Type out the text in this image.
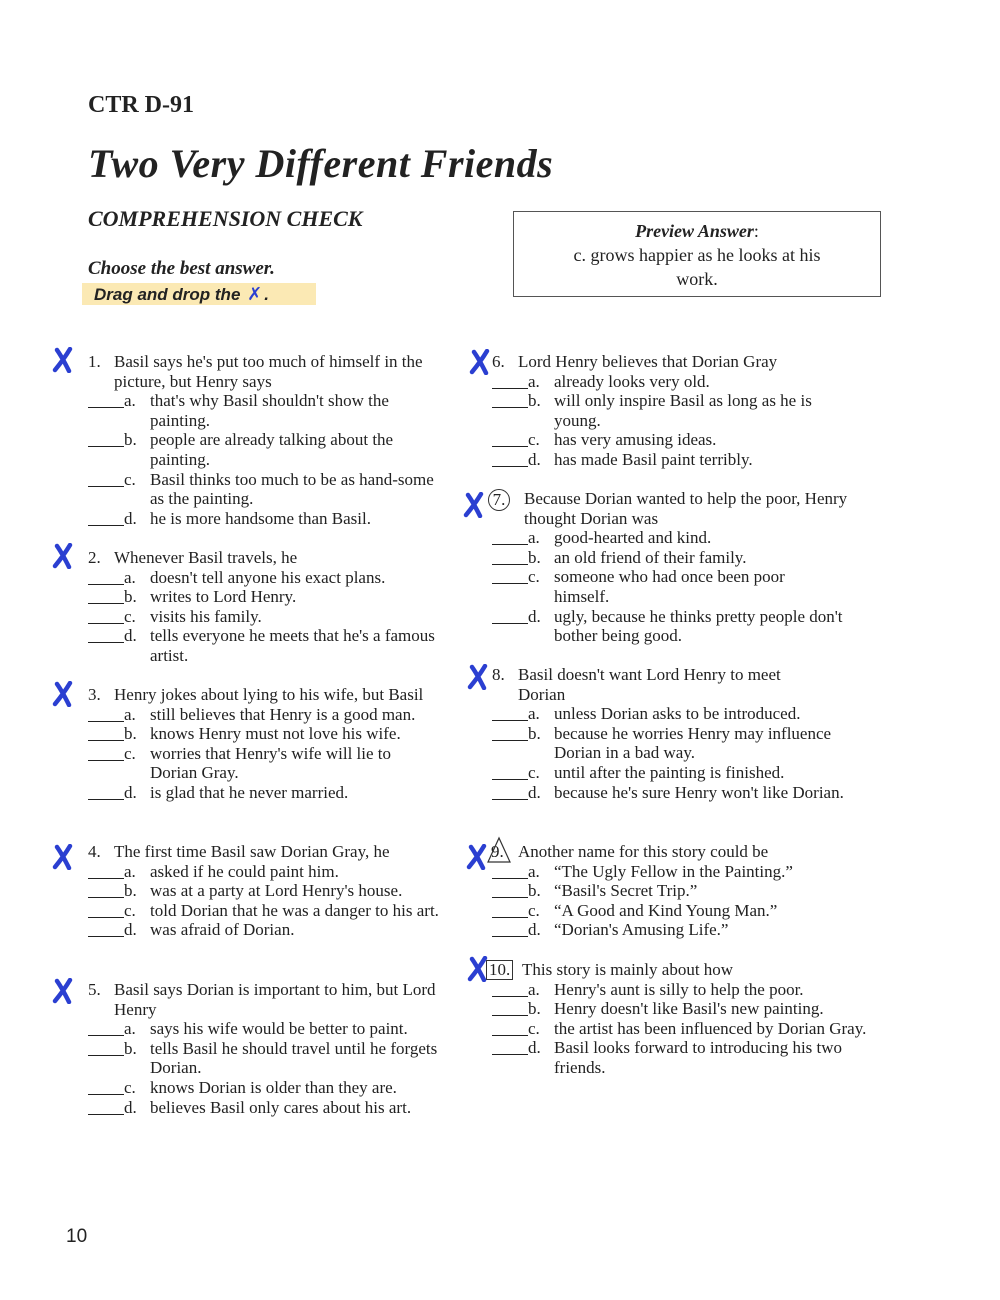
CTR D-91
Two Very Different Friends
COMPREHENSION CHECK
Choose the best answer.
Drag and drop the ✗ .
Preview Answer:

c. grows happier as he looks at his work.
1. Basil says he's put too much of himself in the picture, but Henry says
a. that's why Basil shouldn't show the painting.
b. people are already talking about the painting.
c. Basil thinks too much to be as hand-some as the painting.
d. he is more handsome than Basil.
2. Whenever Basil travels, he
a. doesn't tell anyone his exact plans.
b. writes to Lord Henry.
c. visits his family.
d. tells everyone he meets that he's a famous artist.
3. Henry jokes about lying to his wife, but Basil
a. still believes that Henry is a good man.
b. knows Henry must not love his wife.
c. worries that Henry's wife will lie to Dorian Gray.
d. is glad that he never married.
4. The first time Basil saw Dorian Gray, he
a. asked if he could paint him.
b. was at a party at Lord Henry's house.
c. told Dorian that he was a danger to his art.
d. was afraid of Dorian.
5. Basil says Dorian is important to him, but Lord Henry
a. says his wife would be better to paint.
b. tells Basil he should travel until he forgets Dorian.
c. knows Dorian is older than they are.
d. believes Basil only cares about his art.
6. Lord Henry believes that Dorian Gray
a. already looks very old.
b. will only inspire Basil as long as he is young.
c. has very amusing ideas.
d. has made Basil paint terribly.
7. Because Dorian wanted to help the poor, Henry thought Dorian was
a. good-hearted and kind.
b. an old friend of their family.
c. someone who had once been poor himself.
d. ugly, because he thinks pretty people don't bother being good.
8. Basil doesn't want Lord Henry to meet Dorian
a. unless Dorian asks to be introduced.
b. because he worries Henry may influence Dorian in a bad way.
c. until after the painting is finished.
d. because he's sure Henry won't like Dorian.
9. Another name for this story could be
a. “The Ugly Fellow in the Painting.”
b. “Basil's Secret Trip.”
c. “A Good and Kind Young Man.”
d. “Dorian's Amusing Life.”
10. This story is mainly about how
a. Henry's aunt is silly to help the poor.
b. Henry doesn't like Basil's new painting.
c. the artist has been influenced by Dorian Gray.
d. Basil looks forward to introducing his two friends.
10
